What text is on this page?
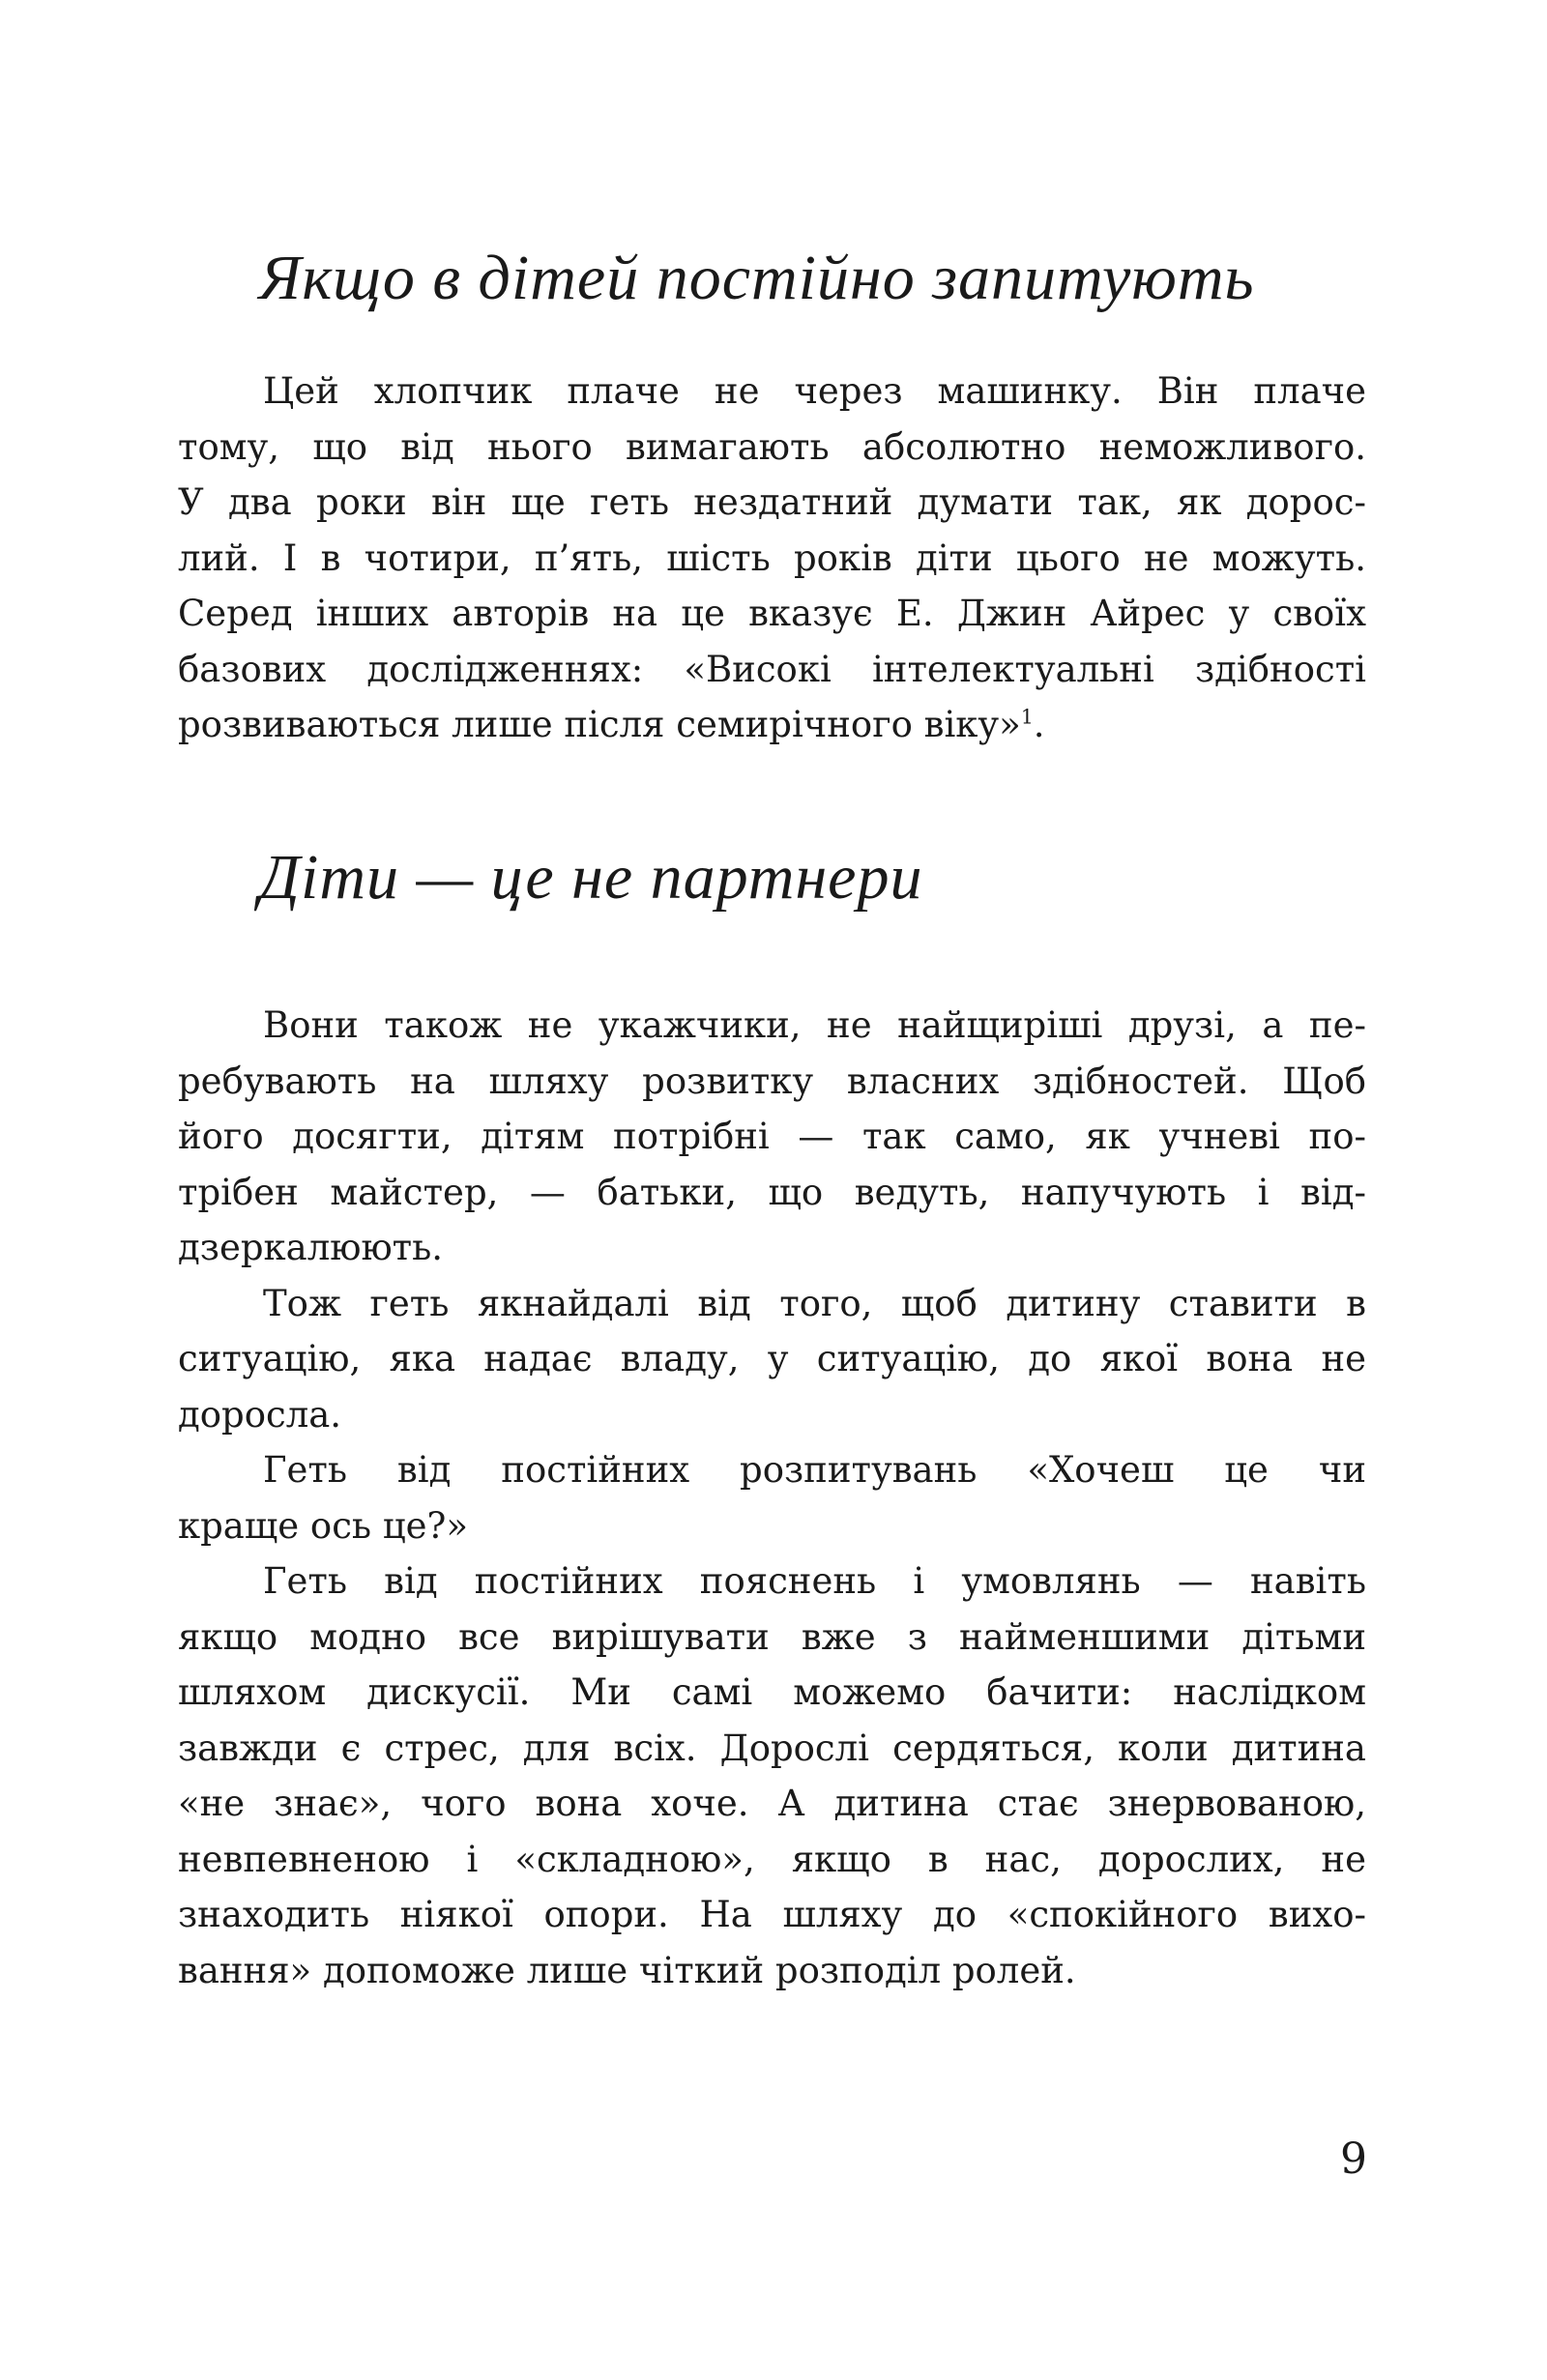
Якщо в дітей постійно запитують
Цей хлопчик плаче не через машинку. Він плаче
тому, що від нього вимагають абсолютно неможливого.
У два роки він ще геть нездатний думати так, як дорос-
лий. І в чотири, п’ять, шість років діти цього не можуть.
Серед інших авторів на це вказує Е. Джин Айрес у своїх
базових дослідженнях: «Високі інтелектуальні здібності
розвиваються лише після семирічного віку»$^1$.
Діти — це не партнери
Вони також не укажчики, не найщиріші друзі, а пе-
ребувають на шляху розвитку власних здібностей. Щоб
його досягти, дітям потрібні — так само, як учневі по-
трібен майстер, — батьки, що ведуть, напучують і від-
дзеркалюють.
Тож геть якнайдалі від того, щоб дитину ставити в
ситуацію, яка надає владу, у ситуацію, до якої вона не
доросла.
Геть від постійних розпитувань «Хочеш це чи
краще ось це?»
Геть від постійних пояснень і умовлянь — навіть
якщо модно все вирішувати вже з найменшими дітьми
шляхом дискусії. Ми самі можемо бачити: наслідком
завжди є стрес, для всіх. Дорослі сердяться, коли дитина
«не знає», чого вона хоче. А дитина стає знервованою,
невпевненою і «складною», якщо в нас, дорослих, не
знаходить ніякої опори. На шляху до «спокійного вихо-
вання» допоможе лише чіткий розподіл ролей.
9
